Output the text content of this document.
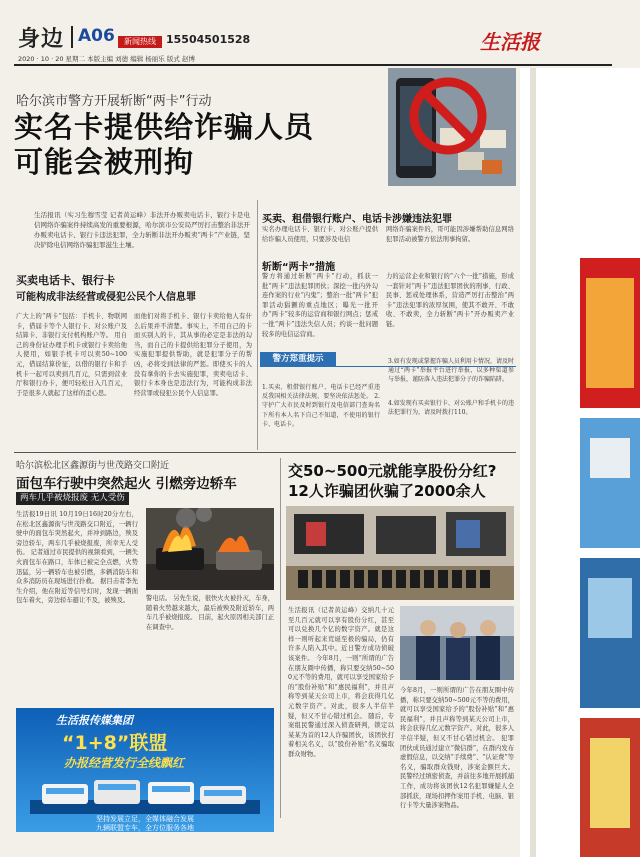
身边 A06	新闻热线 15504501528
2020 · 10 · 20 星期二 本版主编 刘德 编辑 杨丽乐 版式 赵博
生活报
哈尔滨市警方开展斩断“两卡”行动
实名卡提供给诈骗人员
可能会被刑拘
生活报讯（实习生穆雪莹 记者黄运峰）非法开办贩卖电话卡、银行卡是电信网络诈骗案件持续高发的重要根源，哈尔滨市公安局严厉打击整治非法开办贩卖电话卡、银行卡违法犯罪，全力斩断非法开办贩卖“两卡”产业链，坚决铲除电信网络诈骗犯罪滋生土壤。
买卖电话卡、银行卡
可能构成非法经营或侵犯公民个人信息罪
广大上的“两卡”包括：手机卡、物联网卡，借届卡等个人银行卡、对公账户及结算卡、非银行支付机构账户等。 用自己的身份证办理手机卡或银行卡卖给他人使用，如银手机卡可以卖50~100元，借届结算价征，以借的银行卡和手机卡一起可以卖到几百元，只需到营业厅和银行办卡，便可轻松日入几百元，于是很多人就起了这样的歪心思。
而他们对将手机卡、银行卡卖给他人有什么后果并不清楚。事实上，不用自己的卡而买别人的卡，其从事的必定是非法的勾当，而自己的卡提供给犯罪分子使用，为实施犯罪提供帮助，就是犯罪分子的帮凶，必将受到法律的严惩。即使买卡的人没有拿你的卡去实施犯罪，卖卖电话卡、银行卡本身也是违法行为，可能构成非法经营罪或侵犯公民个人信息罪。
买卖、租借银行账户、电话卡涉嫌违法犯罪
实名办理电话卡、银行卡、对公账户提供给诈骗人员使用，只要涉及电信
网络诈骗案件的，哥可能因涉嫌帮助信息网络犯罪活动被警方依法刑事拘留。
斩断“两卡”措施
警方将通过斩断“两卡”行动，抓获一批“两卡”违法犯罪团伙；深挖一批内外勾连作案的行业“内鬼”；整治一批“两卡”犯罪活动猖獗的重点地区；曝光一批开办“两卡”较多的运营商和银行网点；惩戒一批“两卡”违法失信人员；约谈一批问题较多的电信运营商。
力的运营企业和银行的“六个一批”措施，形成一套针对“两卡”违法犯罪团伙的刑事、行政、民事、惩戒处理体系，营造严厉打击整治“两卡”违法犯罪的浓厚氛围，使其不敢开、不敢收、不敢卖，全力斩断“两卡”开办贩卖产业链。
警方郑重提示
1.买卖、租借银行账户、电话卡已经严重违反我国相关法律法规，要坚决依法惩处。 2.守护广大市民及时到银行及电信部门查询名下所有本人名下自己不知道，不使用的银行卡、电话卡。
3.如有发现或掌握诈骗人员利用卡情况，请及时通过“两卡”举报平台进行举报，以多种渠道参与举报，谨防落入违法犯罪分子的诈骗陷阱。
4.如发现有买卖银行卡、对公账户和手机卡的违法犯罪行为，请及时拨打110。
哈尔滨松北区鑫源街与世茂路交口附近
面包车行驶中突然起火 引燃旁边轿车
两车几乎被烧报废 无人受伤
生活报19日讯 10月19日16时20分左右，在松北区鑫源街与世茂路交口附近，一辆行驶中的面包车突然起火，并冲到路边，殃及旁边轿车，两车几乎被烧报废，所幸无人受伤。 记者通过市民提供的视频看到，一辆失火面包车在路口，车体已被完全点燃，火势迅猛，另一辆轿车也被引燃，多辆消防车和众多消防员在现场进行扑救。 据目击者李先生介绍，他在附近等信号灯时，发现一辆面包车着火，旁边轿车避让不及，被殃及。	警电话。 另先生说，很快火火被扑灭，车身，随着火势越来越大，最后被殃及附近轿车，两车几乎被烧报废。 目前，起火原因相关部门正在调查中。
生活报传媒集团
“1+8”联盟
办报经营发行全线飘红
坚持发展立足，全媒体融合发展
九辆联盟专车，全方位服务各地
交50~500元就能享股份分红?
12人诈骗团伙骗了2000余人
生活报讯（记者黄运峰）交纳几十元至几百元就可以享有股份分红，甚至可以兑换几个亿的数字资产。就是这样一则听起来荒诞至极的骗局，仍有许多人陷入其中。近日警方成功侦破该案件。 今年8月，一则“所谓的广告在朋友圈中传播，称只要交纳50~500元不等的费用，就可以享受国家给予的“股份补贴”和“惠民福利”，并且声称等到某天公司上市，将会获得几亿元数字资产。对此，很多人半信半疑，但又不甘心错过机会。 随后，专案组民警通过深入侦查研判，锁定以某某为首的12人诈骗团伙，该团伙打着相关名义，以“股份补贴”名义骗取群众财物。
今年8月，一则所谓的广告在朋友圈中传播，称只要交纳50~500元不等的费用，就可以享受国家给予的“股份补贴”和“惠民福利”，并且声称等到某天公司上市，将会获得几亿元数字资产。对此，很多人半信半疑，但又不甘心错过机会。 犯罪团伙成员通过建立“微信群”，在群内发布虚假信息，以交纳“手续费”、“认证费”等名义，骗取群众钱财，涉案金额巨大。 民警经过缜密侦查，并前往多地开展抓捕工作，成功将该团伙12名犯罪嫌疑人全部抓获，现场扣押作案用手机、电脑、银行卡等大量涉案物品。
